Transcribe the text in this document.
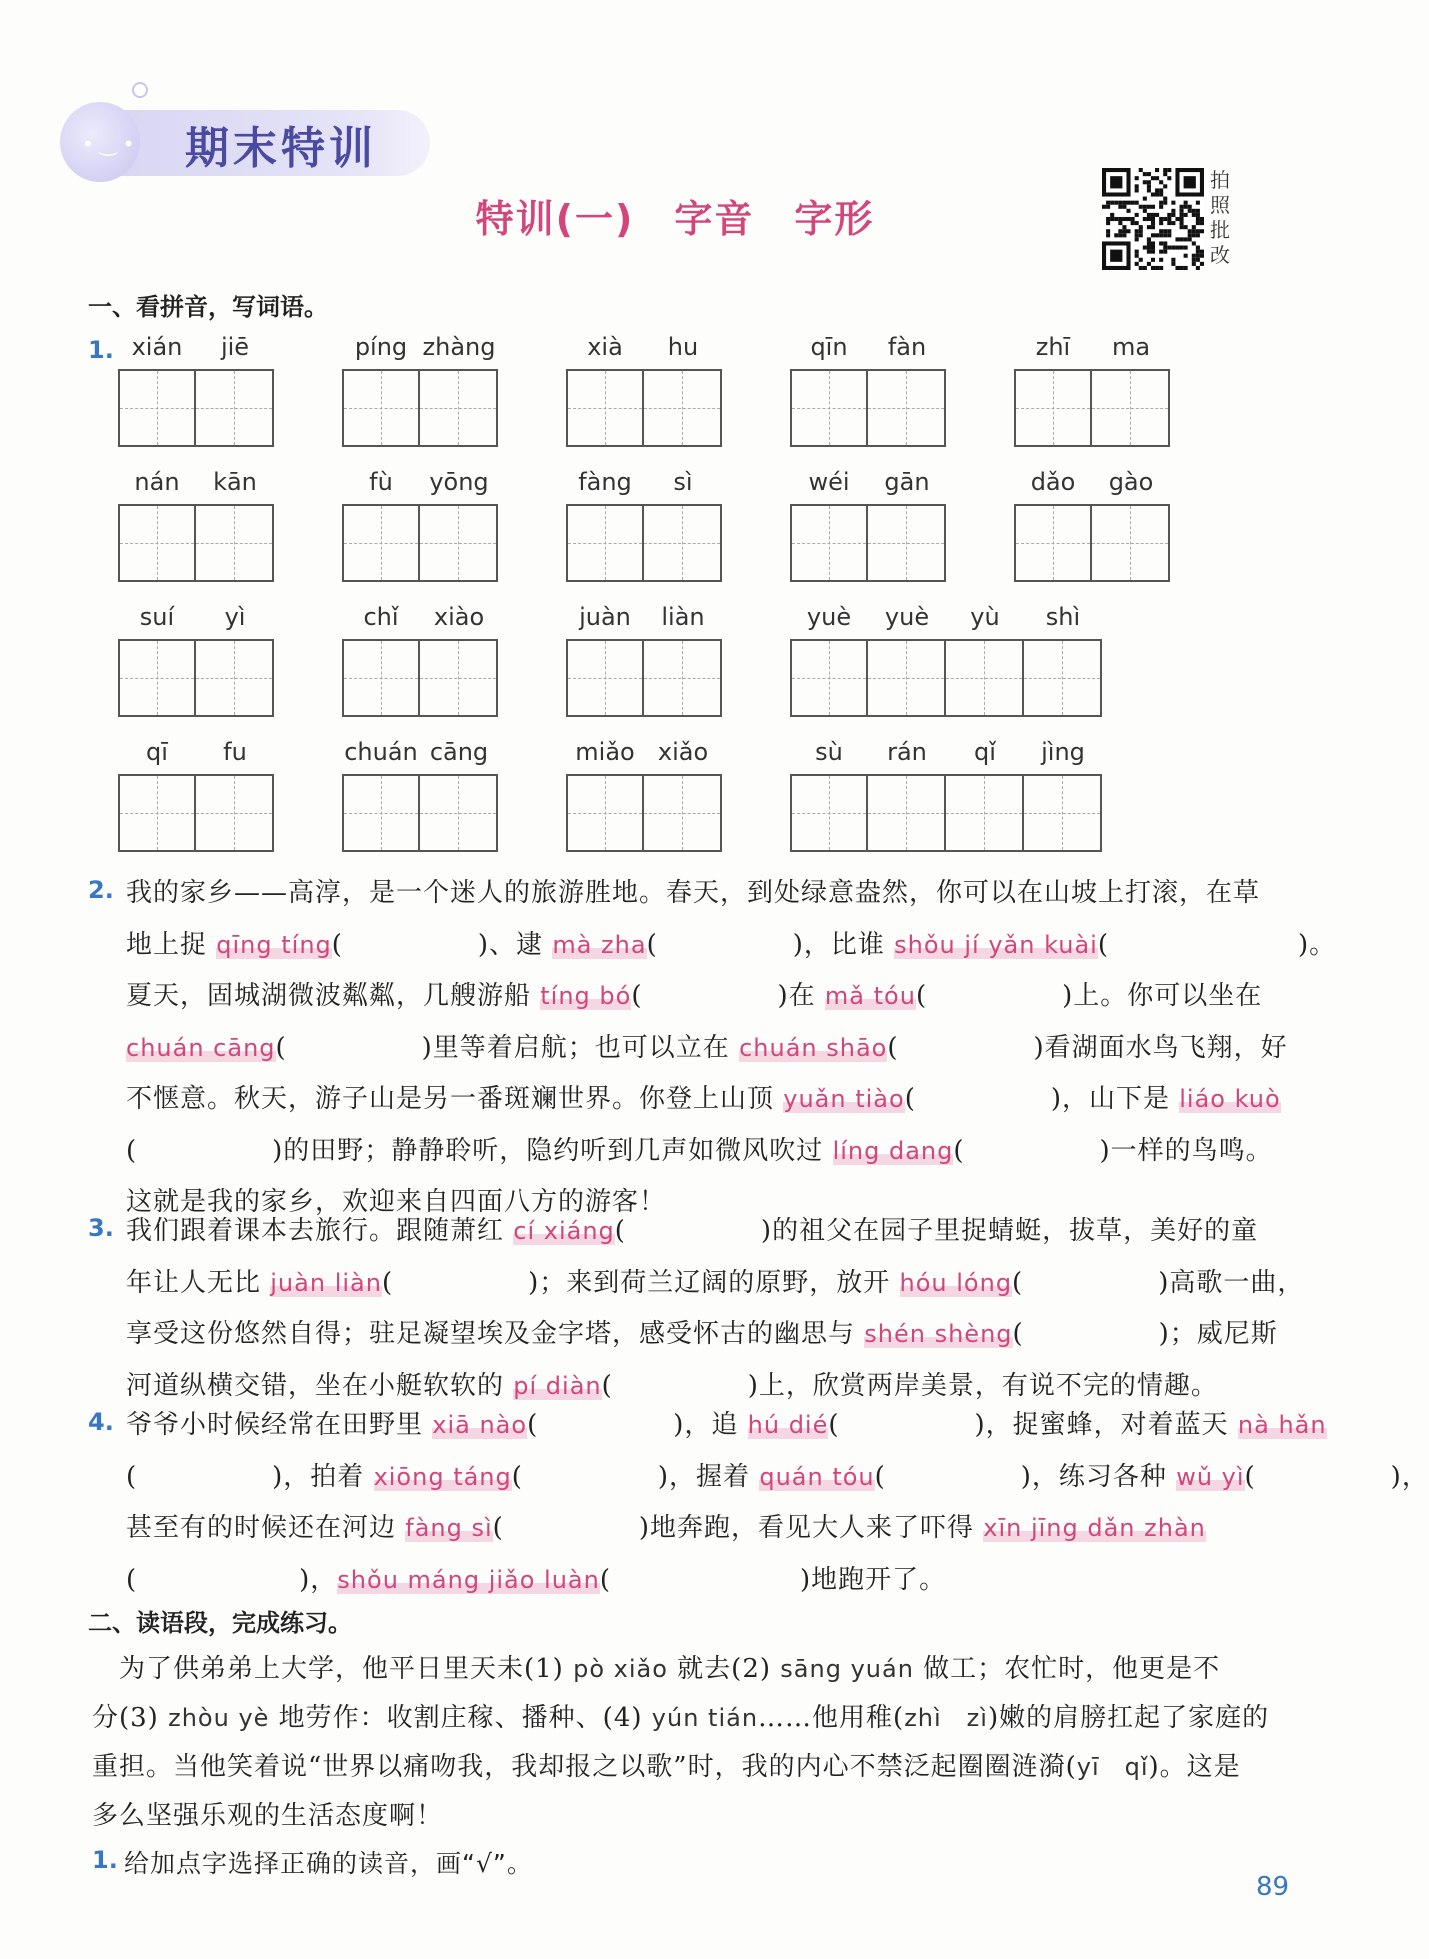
• ‿ • 期末特训
特训(一)　字音　字形
拍
照
批
改
一、看拼音，写词语。
1. xián	jiē	píng zhàng	xià	hu	qīn	fàn	zhī	ma
nán	kān	fù	yōng	fàng	sì	wéi	gān	dǎo	gào
suí	yì	chǐ	xiào	juàn	liàn	yuè	yuè	yù	shì
qī	fu	chuán cāng	miǎo xiǎo	sù	rán	qǐ	jìng
2. 我的家乡——高淳，是一个迷人的旅游胜地。春天，到处绿意盎然，你可以在山坡上打滚，在草
地上捉 qīng tíng(　　　　　)、逮 mà zha(　　　　　)，比谁 shǒu jí yǎn kuài(　　　　　　　)。
夏天，固城湖微波粼粼，几艘游船 tíng bó(　　　　　)在 mǎ tóu(　　　　　)上。你可以坐在
chuán cāng(　　　　　)里等着启航；也可以立在 chuán shāo(　　　　　)看湖面水鸟飞翔，好
不惬意。秋天，游子山是另一番斑斓世界。你登上山顶 yuǎn tiào(　　　　　)，山下是 liáo kuò
(　　　　　)的田野；静静聆听，隐约听到几声如微风吹过 líng dang(　　　　　)一样的鸟鸣。
这就是我的家乡，欢迎来自四面八方的游客！
3. 我们跟着课本去旅行。跟随萧红 cí xiáng(　　　　　)的祖父在园子里捉蜻蜓，拔草，美好的童
年让人无比 juàn liàn(　　　　　)；来到荷兰辽阔的原野，放开 hóu lóng(　　　　　)高歌一曲，
享受这份悠然自得；驻足凝望埃及金字塔，感受怀古的幽思与 shén shèng(　　　　　)；威尼斯
河道纵横交错，坐在小艇软软的 pí diàn(　　　　　)上，欣赏两岸美景，有说不完的情趣。
4. 爷爷小时候经常在田野里 xiā nào(　　　　　)，追 hú dié(　　　　　)，捉蜜蜂，对着蓝天 nà hǎn
(　　　　　)，拍着 xiōng táng(　　　　　)，握着 quán tóu(　　　　　)，练习各种 wǔ yì(　　　　　)，
甚至有的时候还在河边 fàng sì(　　　　　)地奔跑，看见大人来了吓得 xīn jīng dǎn zhàn
(　　　　　　)，shǒu máng jiǎo luàn(　　　　　　　)地跑开了。
二、读语段，完成练习。
　为了供弟弟上大学，他平日里天未(1) pò xiǎo 就去(2) sāng yuán 做工；农忙时，他更是不
分(3) zhòu yè 地劳作：收割庄稼、播种、(4) yún tián……他用稚(zhì　zì)嫩的肩膀扛起了家庭的
重担。当他笑着说“世界以痛吻我，我却报之以歌”时，我的内心不禁泛起圈圈涟漪(yī　qǐ)。这是
多么坚强乐观的生活态度啊！
1. 给加点字选择正确的读音，画“√”。
89
